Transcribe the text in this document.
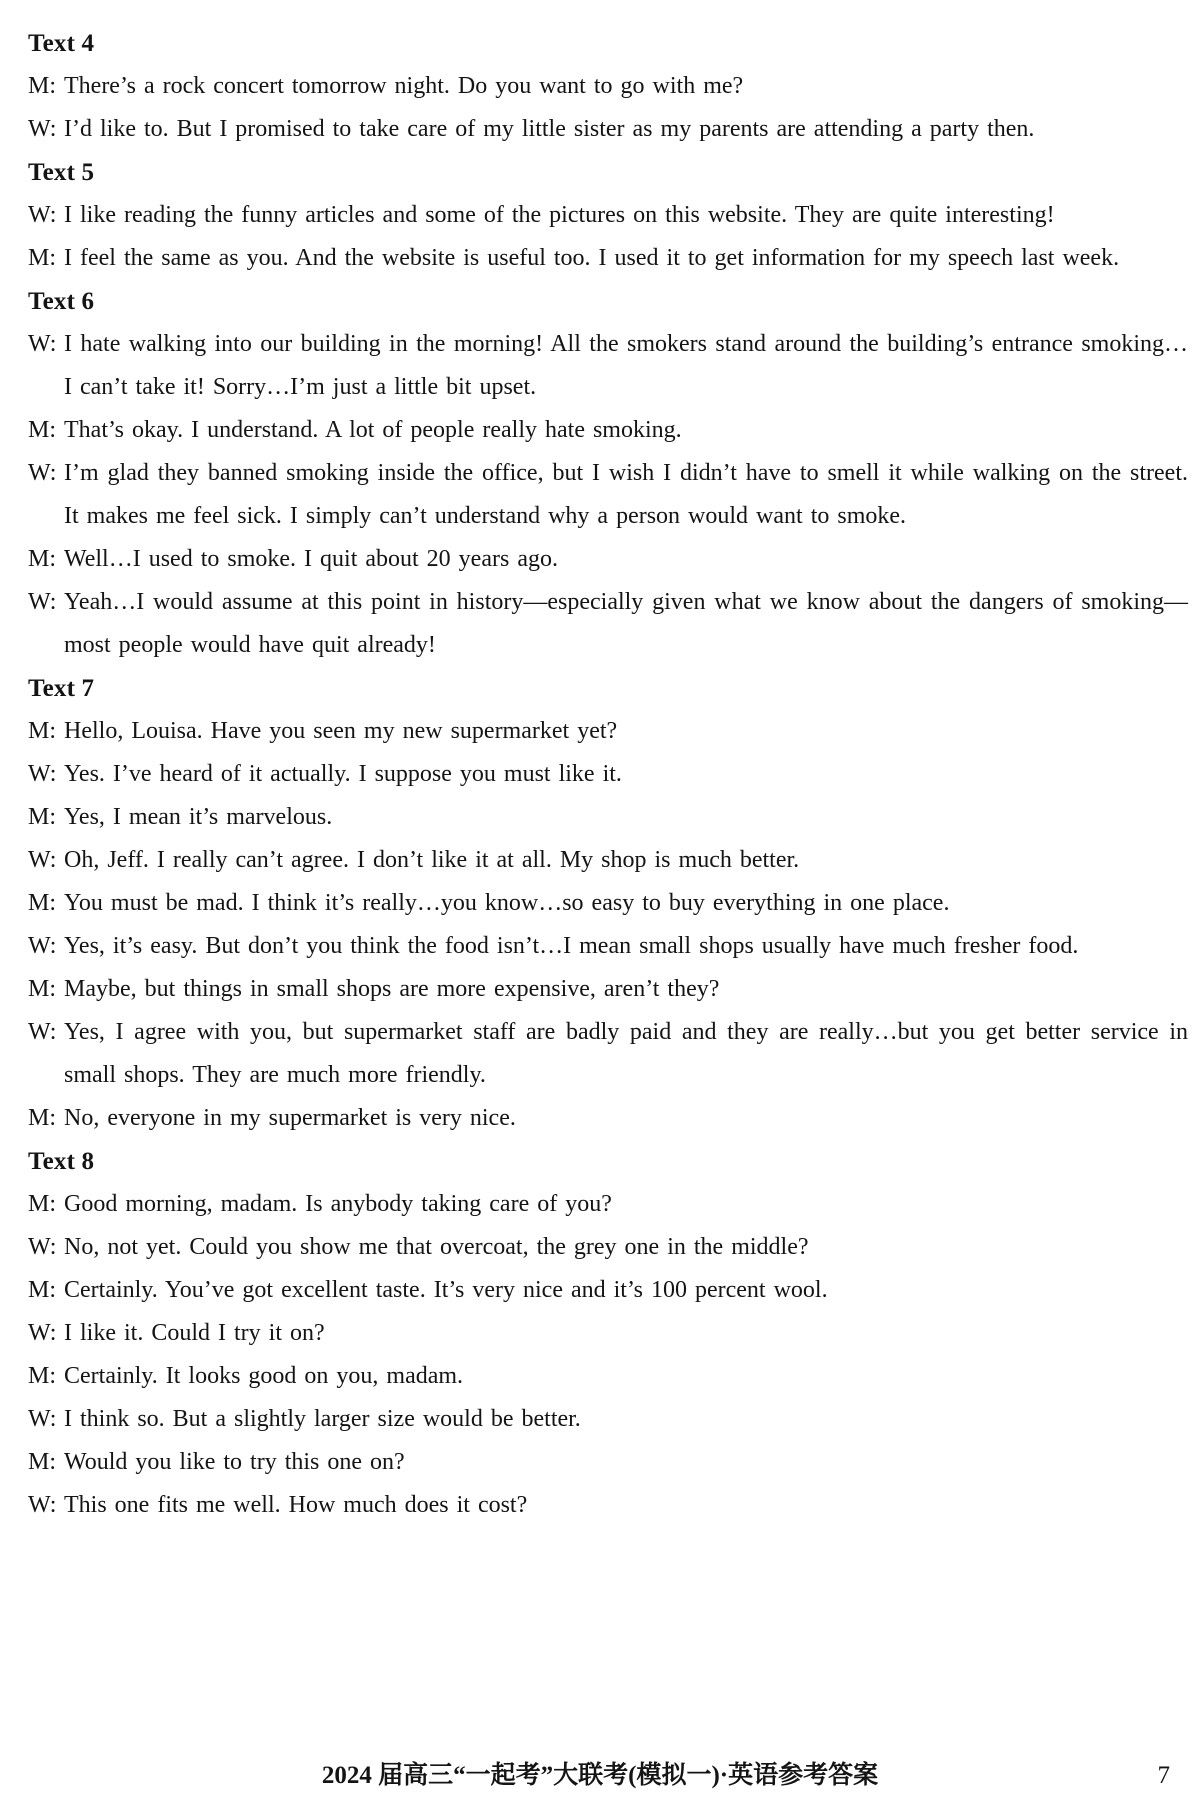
Text 4
M: There’s a rock concert tomorrow night. Do you want to go with me?
W: I’d like to. But I promised to take care of my little sister as my parents are attending a party then.
Text 5
W: I like reading the funny articles and some of the pictures on this website. They are quite interesting!
M: I feel the same as you. And the website is useful too. I used it to get information for my speech last week.
Text 6
W: I hate walking into our building in the morning! All the smokers stand around the building’s entrance smoking…I can’t take it! Sorry…I’m just a little bit upset.
M: That’s okay. I understand. A lot of people really hate smoking.
W: I’m glad they banned smoking inside the office, but I wish I didn’t have to smell it while walking on the street. It makes me feel sick. I simply can’t understand why a person would want to smoke.
M: Well…I used to smoke. I quit about 20 years ago.
W: Yeah…I would assume at this point in history—especially given what we know about the dangers of smoking—most people would have quit already!
Text 7
M: Hello, Louisa. Have you seen my new supermarket yet?
W: Yes. I’ve heard of it actually. I suppose you must like it.
M: Yes, I mean it’s marvelous.
W: Oh, Jeff. I really can’t agree. I don’t like it at all. My shop is much better.
M: You must be mad. I think it’s really…you know…so easy to buy everything in one place.
W: Yes, it’s easy. But don’t you think the food isn’t…I mean small shops usually have much fresher food.
M: Maybe, but things in small shops are more expensive, aren’t they?
W: Yes, I agree with you, but supermarket staff are badly paid and they are really…but you get better service in small shops. They are much more friendly.
M: No, everyone in my supermarket is very nice.
Text 8
M: Good morning, madam. Is anybody taking care of you?
W: No, not yet. Could you show me that overcoat, the grey one in the middle?
M: Certainly. You’ve got excellent taste. It’s very nice and it’s 100 percent wool.
W: I like it. Could I try it on?
M: Certainly. It looks good on you, madam.
W: I think so. But a slightly larger size would be better.
M: Would you like to try this one on?
W: This one fits me well. How much does it cost?
2024 届高三“一起考”大联考(模拟一)·英语参考答案	7
